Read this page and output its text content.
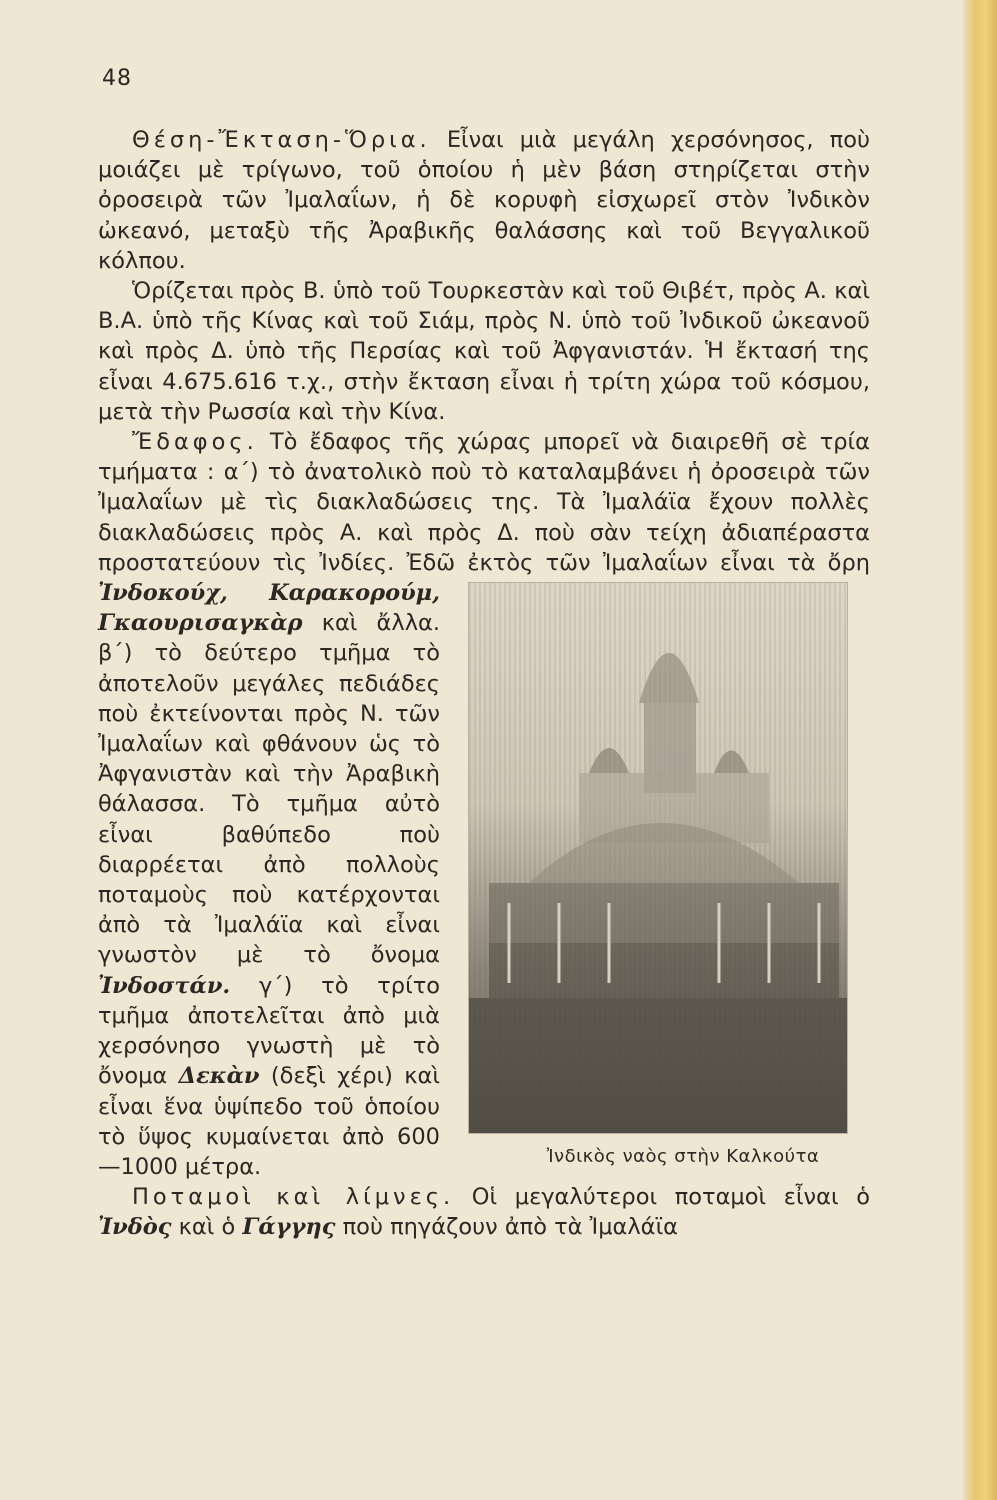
48

Θέση-Ἔκταση-Ὅρια. Εἶναι μιὰ μεγάλη χερσόνησος, ποὺ μοιάζει μὲ τρίγωνο, τοῦ ὁποίου ἡ μὲν βάση στηρίζεται στὴν ὀροσειρὰ τῶν Ἰμαλαΐων, ἡ δὲ κορυφὴ εἰσχωρεῖ στὸν Ἰνδικὸν ὠκεανό, μεταξὺ τῆς Ἀραβικῆς θαλάσσης καὶ τοῦ Βεγγαλικοῦ κόλπου.

Ὁρίζεται πρὸς Β. ὑπὸ τοῦ Τουρκεστὰν καὶ τοῦ Θιβέτ, πρὸς Α. καὶ Β.Α. ὑπὸ τῆς Κίνας καὶ τοῦ Σιάμ, πρὸς Ν. ὑπὸ τοῦ Ἰνδικοῦ ὠκεανοῦ καὶ πρὸς Δ. ὑπὸ τῆς Περσίας καὶ τοῦ Ἀφγανιστάν. Ἡ ἔκτασή της εἶναι 4.675.616 τ.χ., στὴν ἔκταση εἶναι ἡ τρίτη χώρα τοῦ κόσμου, μετὰ τὴν Ρωσσία καὶ τὴν Κίνα.

Ἔδαφος. Τὸ ἔδαφος τῆς χώρας μπορεῖ νὰ διαιρεθῆ σὲ τρία τμήματα : α΄) τὸ ἀνατολικὸ ποὺ τὸ καταλαμβάνει ἡ ὀροσειρὰ τῶν Ἰμαλαΐων μὲ τὶς διακλαδώσεις της. Τὰ Ἰμαλάϊα ἔχουν πολλὲς διακλαδώσεις πρὸς Α. καὶ πρὸς Δ. ποὺ σὰν τείχη ἀδιαπέραστα προστατεύουν τὶς Ἰνδίες. Ἐδῶ ἐκτὸς τῶν Ἰμαλαΐων εἶναι τὰ ὄρη
Ἰνδικὸς ναὸς στὴν Καλκούτα
Ἰνδοκούχ, Καρακορούμ, Γκαουρισαγκὰρ καὶ ἄλλα. β΄) τὸ δεύτερο τμῆμα τὸ ἀποτελοῦν μεγάλες πεδιάδες ποὺ ἐκτείνονται πρὸς Ν. τῶν Ἰμαλαΐων καὶ φθάνουν ὡς τὸ Ἀφγανιστὰν καὶ τὴν Ἀραβικὴ θάλασσα. Τὸ τμῆμα αὐτὸ εἶναι βαθύπεδο ποὺ διαρρέεται ἀπὸ πολλοὺς ποταμοὺς ποὺ κατέρχονται ἀπὸ τὰ Ἰμαλάϊα καὶ εἶναι γνωστὸν μὲ τὸ ὄνομα Ἰνδοστάν. γ΄) τὸ τρίτο τμῆμα ἀποτελεῖται ἀπὸ μιὰ χερσόνησο γνωστὴ μὲ τὸ ὄνομα Δεκὰν (δεξὶ χέρι) καὶ εἶναι ἕνα ὑψίπεδο τοῦ ὁποίου τὸ ὕψος κυμαίνεται ἀπὸ 600—1000 μέτρα.

Ποταμοὶ καὶ λίμνες. Οἱ μεγαλύτεροι ποταμοὶ εἶναι ὁ Ἰνδὸς καὶ ὁ Γάγγης ποὺ πηγάζουν ἀπὸ τὰ Ἰμαλάϊα
